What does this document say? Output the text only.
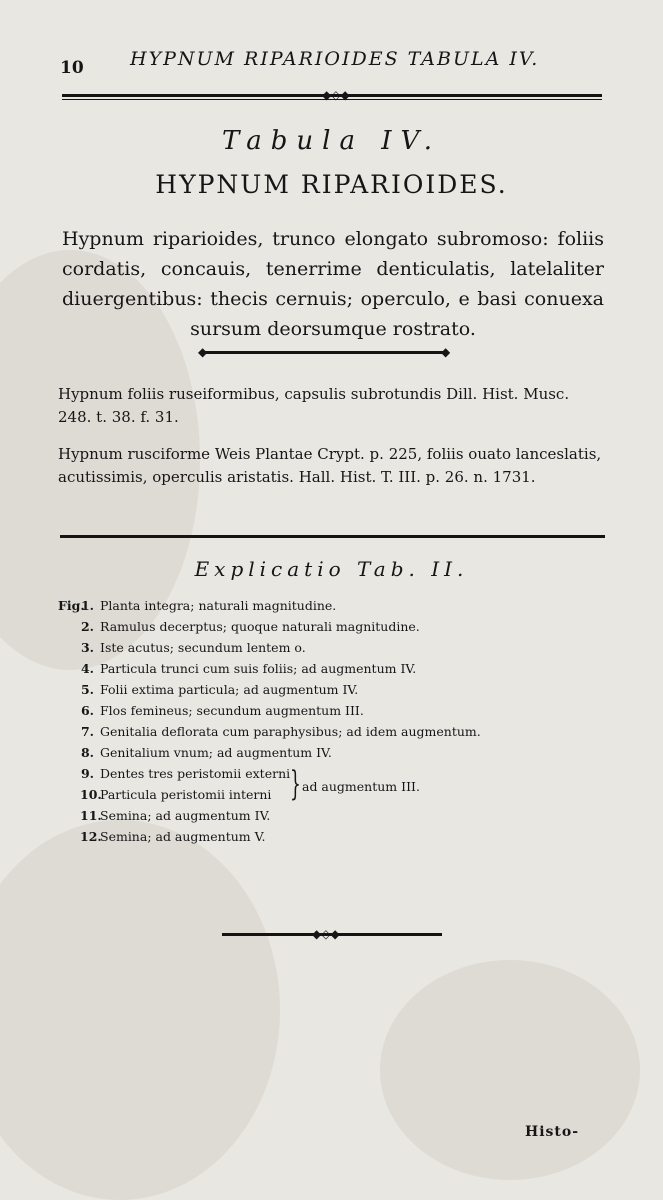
10 HYPNUM RIPARIOIDES TABULA IV.

◆◇◆

Tabula IV.

HYPNUM RIPARIOIDES.

Hypnum riparioides, trunco elongato subromoso: foliis cordatis, concauis, tenerrime denticulatis, latelaliter diuergentibus: thecis cernuis; operculo, e basi conuexa sursum deorsumque rostrato.

◆	◆

Hypnum foliis ruseiformibus, capsulis subrotundis Dill. Hist. Musc. 248. t. 38. f. 31.

Hypnum rusciforme Weis Plantae Crypt. p. 225, foliis ouato lanceslatis, acutissimis, operculis aristatis. Hall. Hist. T. III. p. 26. n. 1731.

Explicatio Tab. II.

Fig.
1. Planta integra; naturali magnitudine.
2. Ramulus decerptus; quoque naturali magnitudine.
3. Iste acutus; secundum lentem o.
4. Particula trunci cum suis foliis; ad augmentum IV.
5. Folii extima particula; ad augmentum IV.
6. Flos femineus; secundum augmentum III.
7. Genitalia deflorata cum paraphysibus; ad idem augmentum.
8. Genitalium vnum; ad augmentum IV.
9. Dentes tres peristomii externi
10.
Particula peristomii interni
11.
Semina; ad augmentum IV.
12.
Semina; ad augmentum V.
} ad augmentum III.
◆◇◆

Histo-
